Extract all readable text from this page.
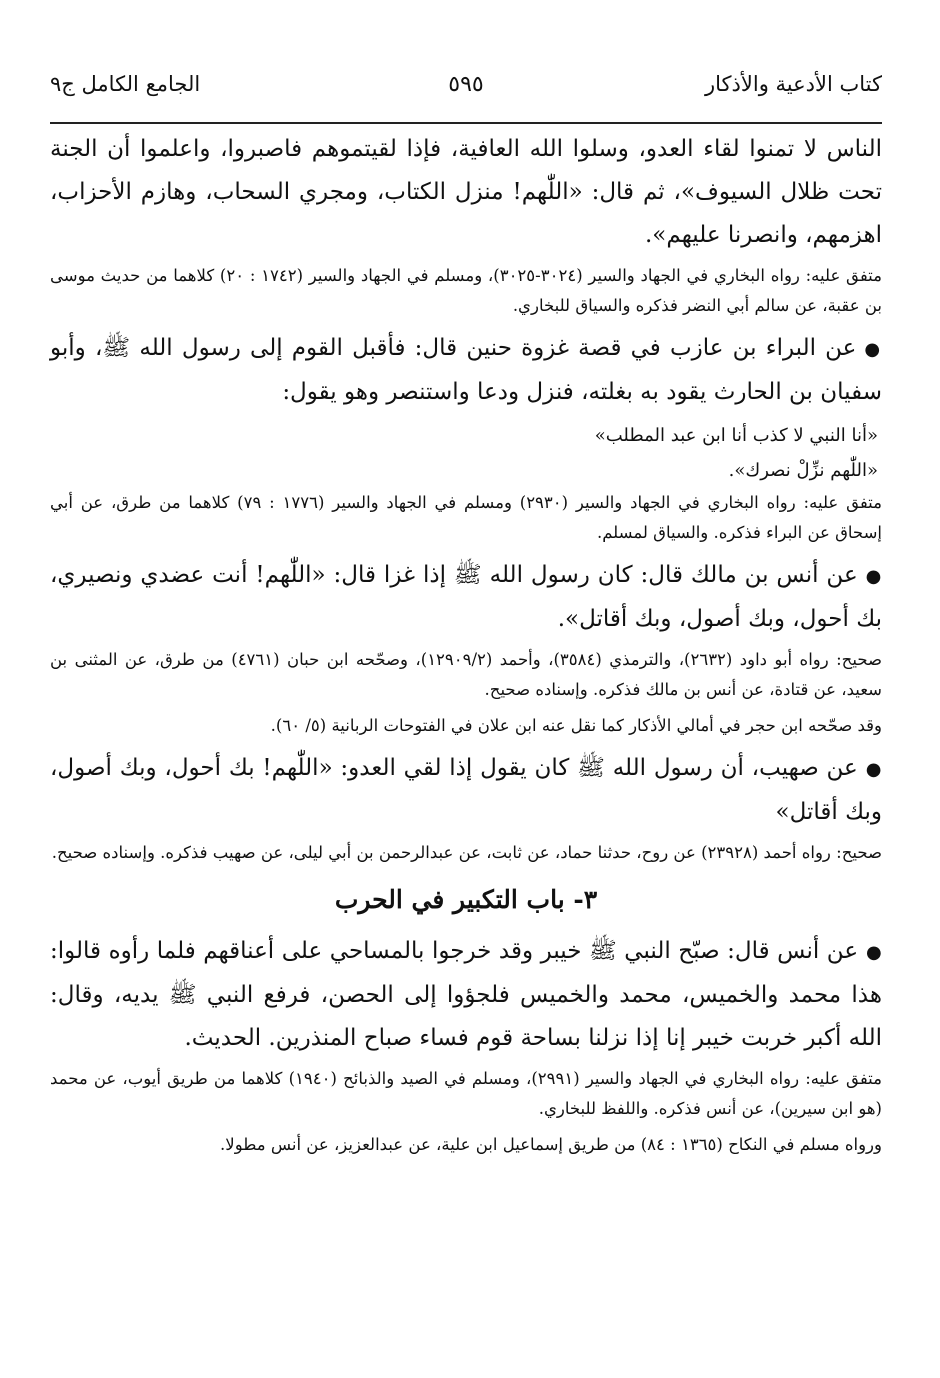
كتاب الأدعية والأذكار
٥٩٥
الجامع الكامل ج٩

الناس لا تمنوا لقاء العدو، وسلوا الله العافية، فإذا لقيتموهم فاصبروا، واعلموا أن الجنة تحت ظلال السيوف»، ثم قال: «اللّٰهم! منزل الكتاب، ومجري السحاب، وهازم الأحزاب، اهزمهم، وانصرنا عليهم».

متفق عليه: رواه البخاري في الجهاد والسير (٣٠٢٤-٣٠٢٥)، ومسلم في الجهاد والسير (١٧٤٢ : ٢٠) كلاهما من حديث موسى بن عقبة، عن سالم أبي النضر فذكره والسياق للبخاري.

●عن البراء بن عازب في قصة غزوة حنين قال: فأقبل القوم إلى رسول الله ﷺ، وأبو سفيان بن الحارث يقود به بغلته، فنزل ودعا واستنصر وهو يقول:

«أنا النبي لا كذب أنا ابن عبد المطلب»

«اللّٰهم نزِّلْ نصرك».

متفق عليه: رواه البخاري في الجهاد والسير (٢٩٣٠) ومسلم في الجهاد والسير (١٧٧٦ : ٧٩) كلاهما من طرق، عن أبي إسحاق عن البراء فذكره. والسياق لمسلم.

●عن أنس بن مالك قال: كان رسول الله ﷺ إذا غزا قال: «اللّٰهم! أنت عضدي ونصيري، بك أحول، وبك أصول، وبك أقاتل».

صحيح: رواه أبو داود (٢٦٣٢)، والترمذي (٣٥٨٤)، وأحمد (١٢٩٠٩/٢)، وصحّحه ابن حبان (٤٧٦١) من طرق، عن المثنى بن سعيد، عن قتادة، عن أنس بن مالك فذكره. وإسناده صحيح.

وقد صحّحه ابن حجر في أمالي الأذكار كما نقل عنه ابن علان في الفتوحات الربانية (٥/ ٦٠).

●عن صهيب، أن رسول الله ﷺ كان يقول إذا لقي العدو: «اللّٰهم! بك أحول، وبك أصول، وبك أقاتل»

صحيح: رواه أحمد (٢٣٩٢٨) عن روح، حدثنا حماد، عن ثابت، عن عبدالرحمن بن أبي ليلى، عن صهيب فذكره. وإسناده صحيح.

٣- باب التكبير في الحرب

●عن أنس قال: صبّح النبي ﷺ خيبر وقد خرجوا بالمساحي على أعناقهم فلما رأوه قالوا: هذا محمد والخميس، محمد والخميس فلجؤوا إلى الحصن، فرفع النبي ﷺ يديه، وقال: الله أكبر خربت خيبر إنا إذا نزلنا بساحة قوم فساء صباح المنذرين. الحديث.

متفق عليه: رواه البخاري في الجهاد والسير (٢٩٩١)، ومسلم في الصيد والذبائح (١٩٤٠) كلاهما من طريق أيوب، عن محمد (هو ابن سيرين)، عن أنس فذكره. واللفظ للبخاري.

ورواه مسلم في النكاح (١٣٦٥ : ٨٤) من طريق إسماعيل ابن علية، عن عبدالعزيز، عن أنس مطولا.
